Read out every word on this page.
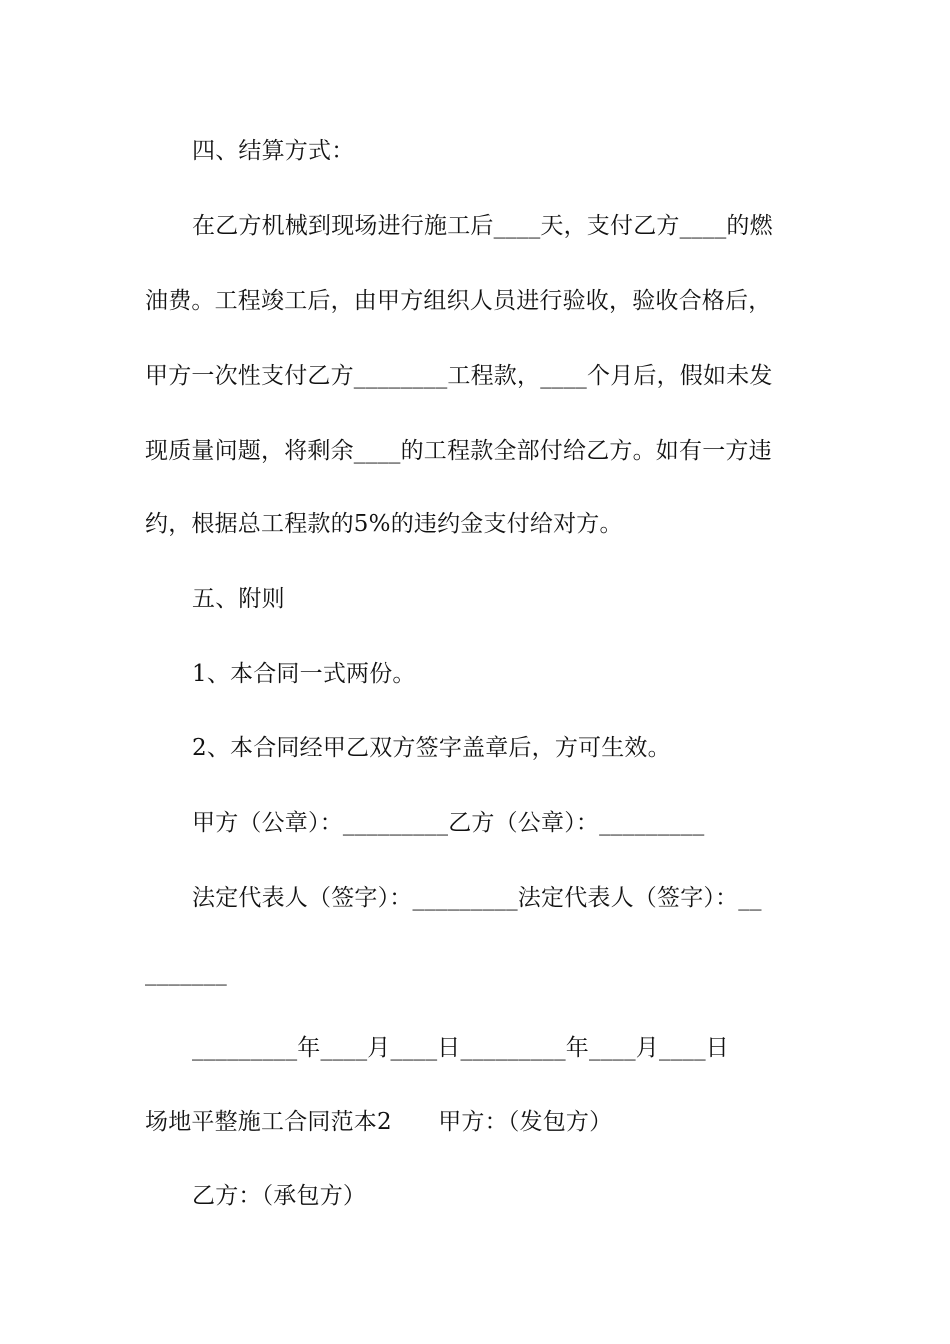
四、结算方式：
在乙方机械到现场进行施工后____天，支付乙方____的燃
油费。工程竣工后，由甲方组织人员进行验收，验收合格后，
甲方一次性支付乙方________工程款，____个月后，假如未发
现质量问题，将剩余____的工程款全部付给乙方。如有一方违
约，根据总工程款的5%的违约金支付给对方。
五、附则
1、本合同一式两份。
2、本合同经甲乙双方签字盖章后，方可生效。
甲方（公章）：_________乙方（公章）：_________
法定代表人（签字）：_________法定代表人（签字）：__
_______
_________年____月____日_________年____月____日
场地平整施工合同范本2　　甲方：（发包方）
乙方：（承包方）
